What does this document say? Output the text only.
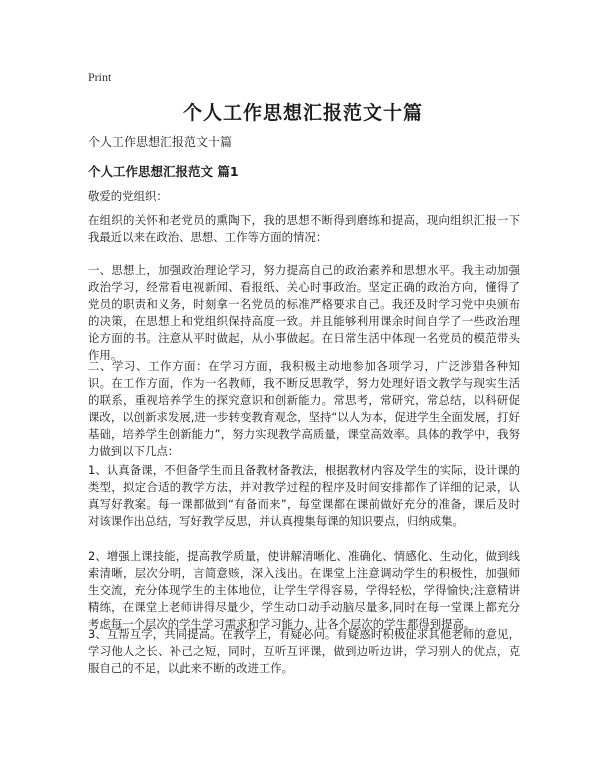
Print
个人工作思想汇报范文十篇
个人工作思想汇报范文十篇
个人工作思想汇报范文 篇1

敬爱的党组织：

在组织的关怀和老党员的熏陶下，我的思想不断得到磨练和提高，现向组织汇报一下我最近以来在政治、思想、工作等方面的情况：

一、思想上，加强政治理论学习，努力提高自己的政治素养和思想水平。我主动加强政治学习，经常看电视新闻、看报纸、关心时事政治。坚定正确的政治方向，懂得了党员的职责和义务，时刻拿一名党员的标准严格要求自己。我还及时学习党中央颁布的决策，在思想上和党组织保持高度一致。并且能够利用课余时间自学了一些政治理论方面的书。注意从平时做起，从小事做起。在日常生活中体现一名党员的模范带头作用。

二、学习、工作方面：在学习方面，我积极主动地参加各项学习，广泛涉猎各种知识。在工作方面，作为一名教师，我不断反思教学，努力处理好语文教学与现实生活的联系，重视培养学生的探究意识和创新能力。常思考，常研究，常总结，以科研促课改，以创新求发展,进一步转变教育观念，坚持“以人为本，促进学生全面发展，打好基础，培养学生创新能力”，努力实现教学高质量，课堂高效率。具体的教学中，我努力做到以下几点：

1、认真备课，不但备学生而且备教材备教法，根据教材内容及学生的实际，设计课的类型，拟定合适的教学方法，并对教学过程的程序及时间安排都作了详细的记录，认真写好教案。每一课都做到“有备而来”，每堂课都在课前做好充分的准备，课后及时对该课作出总结，写好教学反思，并认真搜集每课的知识要点，归纳成集。

2、增强上课技能，提高教学质量，使讲解清晰化、准确化、情感化、生动化，做到线索清晰，层次分明，言简意赅，深入浅出。在课堂上注意调动学生的积极性，加强师生交流，充分体现学生的主体地位，让学生学得容易，学得轻松，学得愉快;注意精讲精练，在课堂上老师讲得尽量少，学生动口动手动脑尽量多,同时在每一堂课上都充分考虑每一个层次的学生学习需求和学习能力，让各个层次的学生都得到提高。

3、互帮互学，共同提高。在教学上，有疑必问。有疑惑时积极征求其他老师的意见，学习他人之长、补己之短，同时，互听互评课，做到边听边讲，学习别人的优点，克服自己的不足，以此来不断的改进工作。
